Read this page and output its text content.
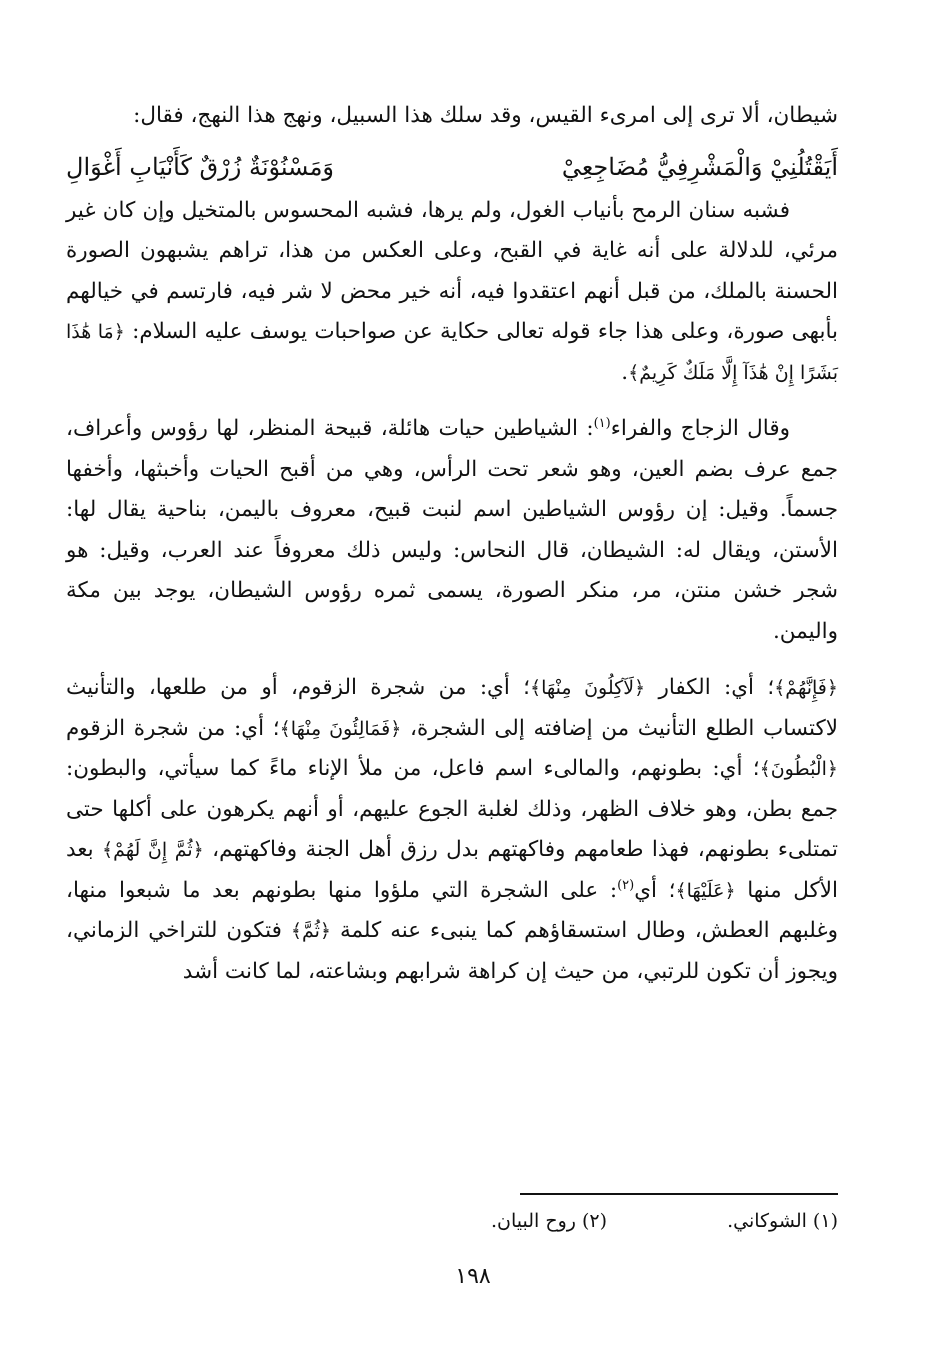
شيطان، ألا ترى إلى امرىء القيس، وقد سلك هذا السبيل، ونهج هذا النهج، فقال:

أَيَقْتُلُنِيْ وَالْمَشْرِفِيُّ مُضَاجِعِيْ
وَمَسْنُوْنَةٌ زُرْقٌ كَأَنْيَابِ أَغْوَالِ

فشبه سنان الرمح بأنياب الغول، ولم يرها، فشبه المحسوس بالمتخيل وإن كان غير مرئي، للدلالة على أنه غاية في القبح، وعلى العكس من هذا، تراهم يشبهون الصورة الحسنة بالملك، من قبل أنهم اعتقدوا فيه، أنه خير محض لا شر فيه، فارتسم في خيالهم بأبهى صورة، وعلى هذا جاء قوله تعالى حكاية عن صواحبات يوسف عليه السلام: ﴿مَا هَٰذَا بَشَرًا إِنْ هَٰذَآ إِلَّا مَلَكٌ كَرِيمٌ﴾.

وقال الزجاج والفراء$^{(١)}$: الشياطين حيات هائلة، قبيحة المنظر، لها رؤوس وأعراف، جمع عرف بضم العين، وهو شعر تحت الرأس، وهي من أقبح الحيات وأخبثها، وأخفها جسماً. وقيل: إن رؤوس الشياطين اسم لنبت قبيح، معروف باليمن، بناحية يقال لها: الأستن، ويقال له: الشيطان، قال النحاس: وليس ذلك معروفاً عند العرب، وقيل: هو شجر خشن منتن، مر، منكر الصورة، يسمى ثمره رؤوس الشيطان، يوجد بين مكة واليمن.

﴿فَإِنَّهُمْ﴾؛ أي: الكفار ﴿لَآكِلُونَ مِنْهَا﴾؛ أي: من شجرة الزقوم، أو من طلعها، والتأنيث لاكتساب الطلع التأنيث من إضافته إلى الشجرة، ﴿فَمَالِئُونَ مِنْهَا﴾؛ أي: من شجرة الزقوم ﴿الْبُطُونَ﴾؛ أي: بطونهم، والمالىء اسم فاعل، من ملأ الإناء ماءً كما سيأتي، والبطون: جمع بطن، وهو خلاف الظهر، وذلك لغلبة الجوع عليهم، أو أنهم يكرهون على أكلها حتى تمتلىء بطونهم، فهذا طعامهم وفاكهتهم بدل رزق أهل الجنة وفاكهتهم، ﴿ثُمَّ إِنَّ لَهُمْ﴾ بعد الأكل منها ﴿عَلَيْهَا﴾؛ أي$^{(٢)}$: على الشجرة التي ملؤوا منها بطونهم بعد ما شبعوا منها، وغلبهم العطش، وطال استسقاؤهم كما ينبىء عنه كلمة ﴿ثُمَّ﴾ فتكون للتراخي الزماني، ويجوز أن تكون للرتبي، من حيث إن كراهة شرابهم وبشاعته، لما كانت أشد

(١) الشوكاني.
(٢) روح البيان.
١٩٨
